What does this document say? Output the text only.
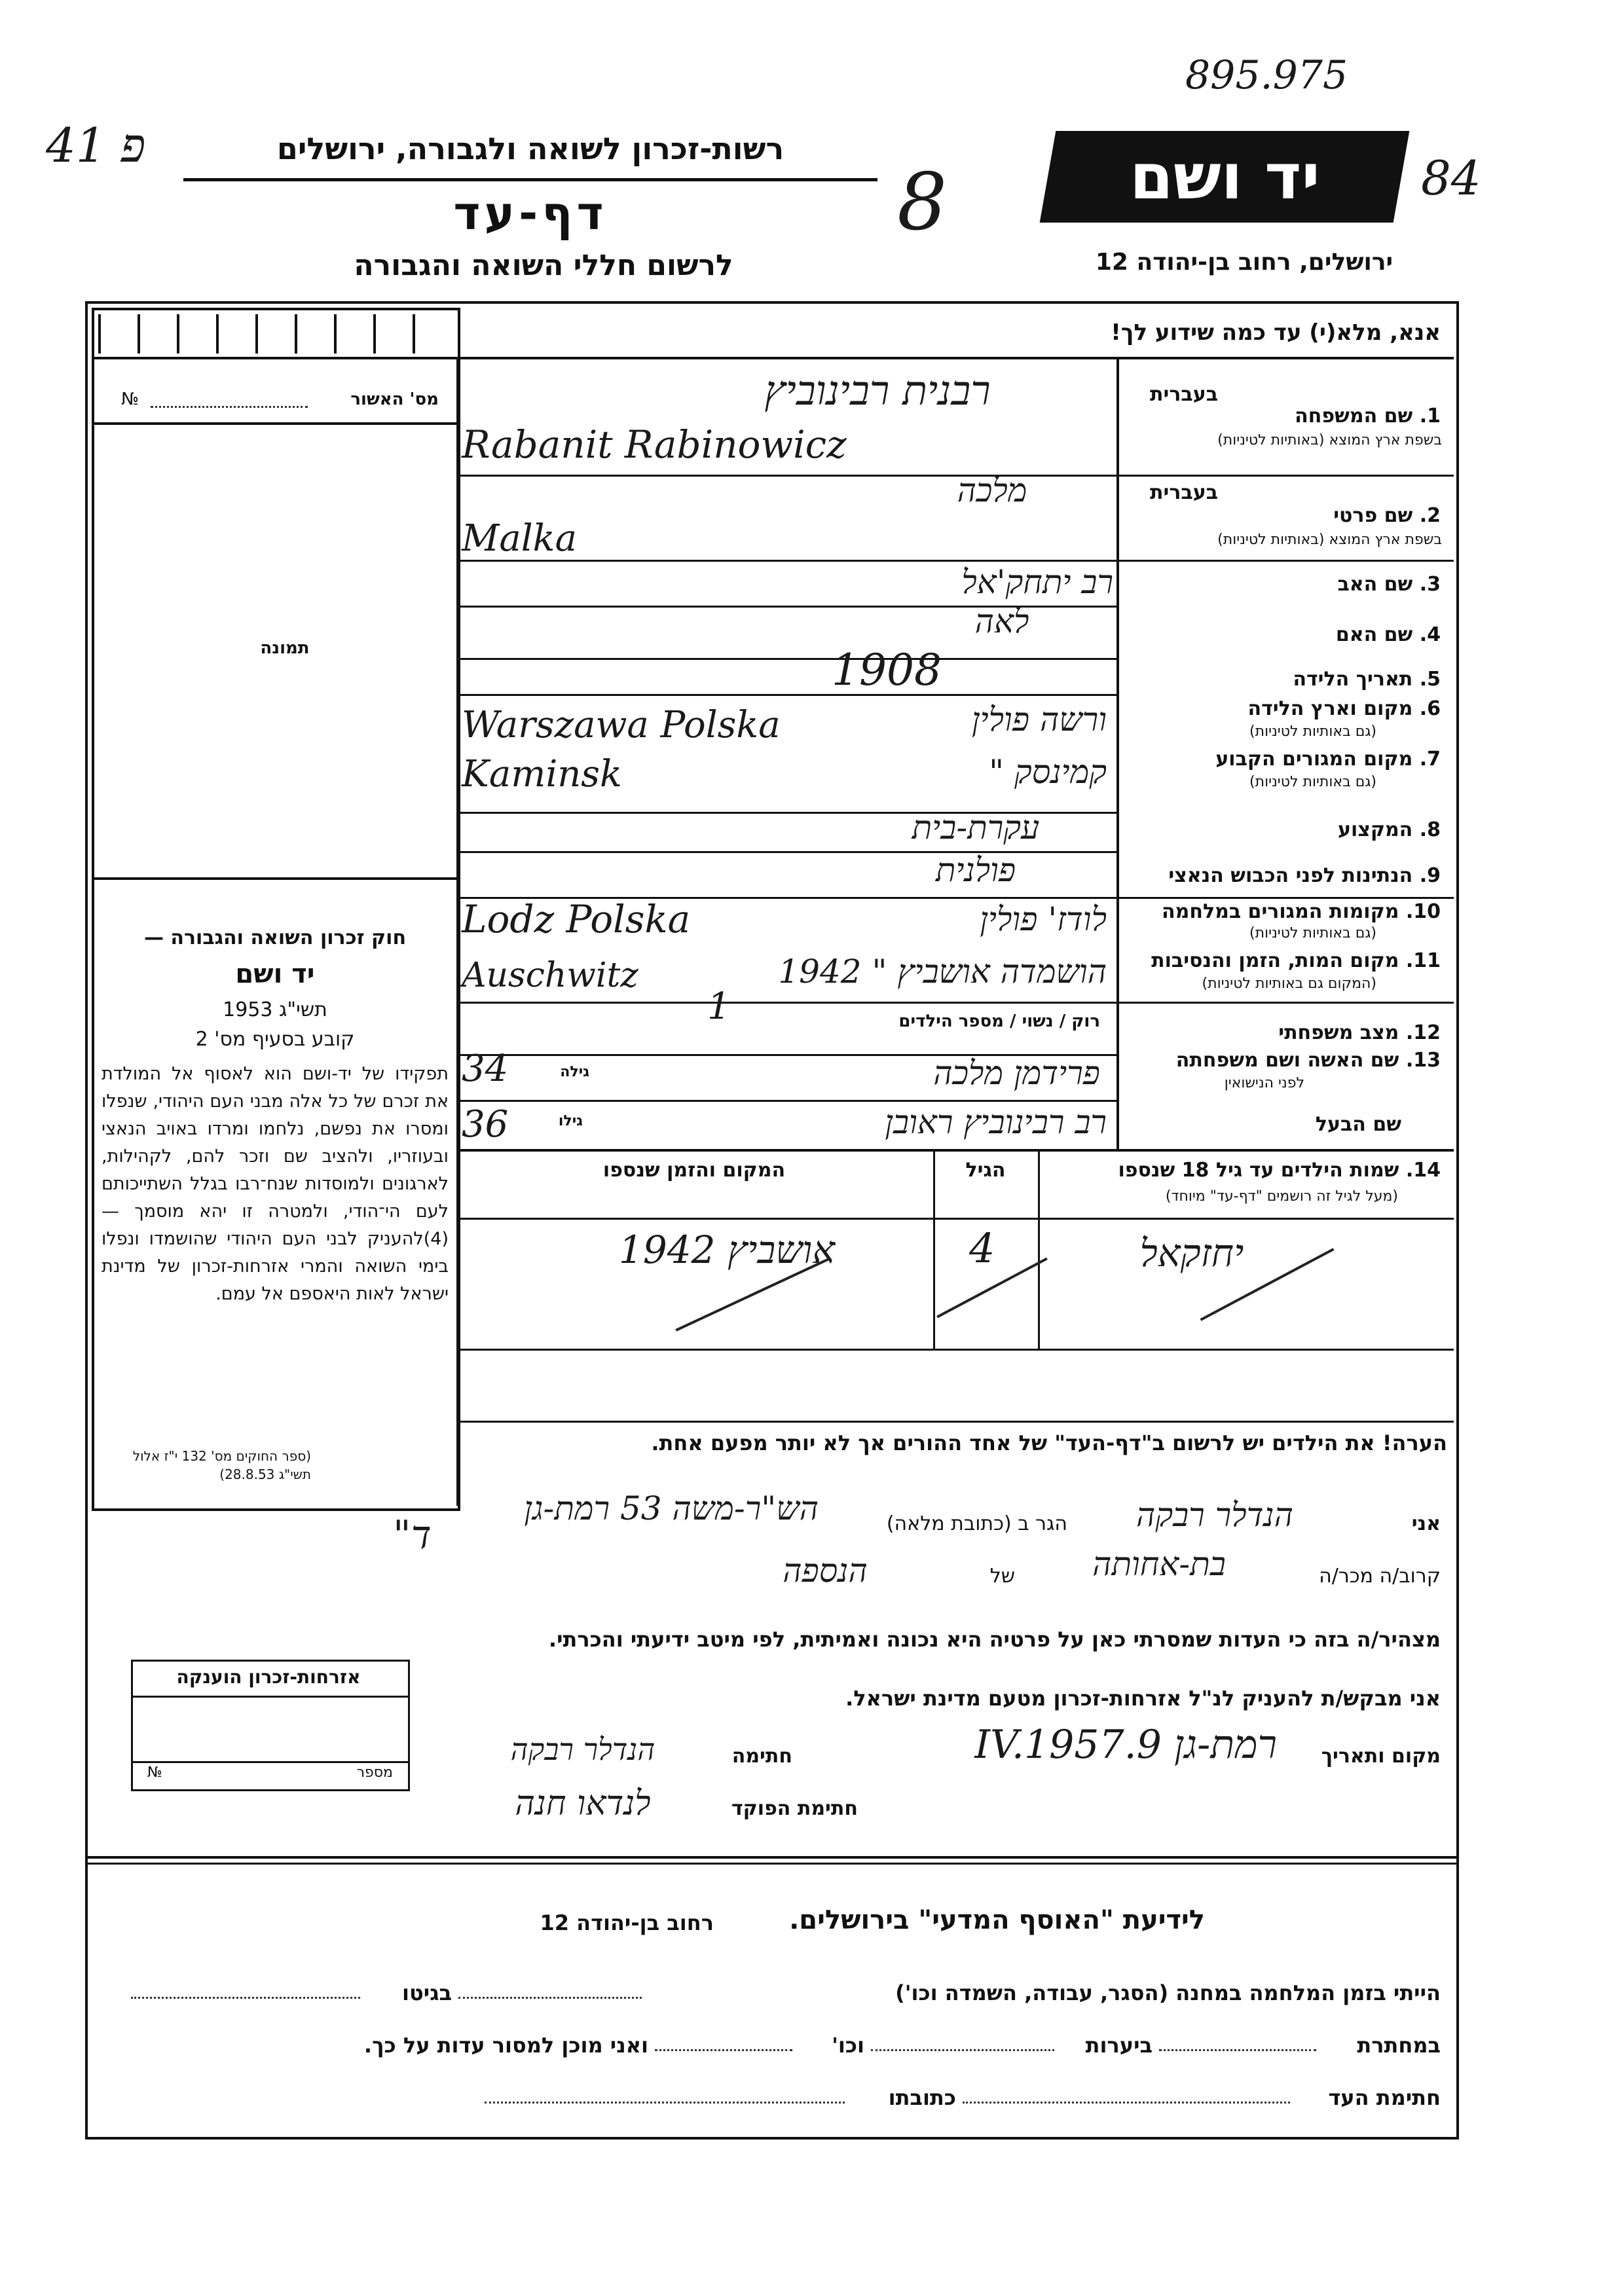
41 פ
895.975
84
8
רשות-זכרון לשואה ולגבורה, ירושלים
דף-עד
לרשום חללי השואה והגבורה
יד ושם
ירושלים, רחוב בן-יהודה 12
№	מס' האשור
תמונה
חוק זכרון השואה והגבורה —
יד ושם
תשי"ג 1953
קובע בסעיף מס' 2
תפקידו של יד-ושם הוא לאסוף אל המולדת את זכרם של כל אלה מבני העם היהודי, שנפלו ומסרו את נפשם, נלחמו ומרדו באויב הנאצי ובעוזריו, ולהציב שם וזכר להם, לקהילות, לארגונים ולמוסדות שנח־רבו בגלל השתייכותם לעם הי־הודי, ולמטרה זו יהא מוסמך — (4)להעניק לבני העם היהודי שהושמדו ונפלו בימי השואה והמרי אזרחות-זכרון של מדינת ישראל לאות היאספם אל עמם.
(ספר החוקים מס' 132 י"ז אלול תשי"ג 28.8.53)
אזרחות-זכרון הוענקה
№	מספר
אנא, מלא(י) עד כמה שידוע לך!
בעברית
1. שם המשפחה
בשפת ארץ המוצא (באותיות לטיניות)
בעברית
2. שם פרטי
בשפת ארץ המוצא (באותיות לטיניות)
3. שם האב
4. שם האם
5. תאריך הלידה
6. מקום וארץ הלידה
(גם באותיות לטיניות)
7. מקום המגורים הקבוע
(גם באותיות לטיניות)
8. המקצוע
9. הנתינות לפני הכבוש הנאצי
10. מקומות המגורים במלחמה
(גם באותיות לטיניות)
11. מקום המות, הזמן והנסיבות
(המקום גם באותיות לטיניות)
12. מצב משפחתי
רוק / נשוי / מספר הילדים
13. שם האשה ושם משפחתה
לפני הנישואין
גילה
שם הבעל
גילו
רבנית רבינוביץ
Rabanit Rabinowicz
מלכה
Malka
רב יתחק'אל
לאה
1908
ורשה פולין
Warszawa Polska
קמינסק "
Kaminsk
עקרת-בית
פולנית
לודז' פולין
Lodz Polska
הושמדה אושביץ " 1942
Auschwitz
1
פרידמן מלכה
34
רב רבינוביץ ראובן
36
14. שמות הילדים עד גיל 18 שנספו
(מעל לגיל זה רושמים "דף-עד" מיוחד)
הגיל
המקום והזמן שנספו
יחזקאל
4
אושביץ 1942
הערה! את הילדים יש לרשום ב"דף-העד" של אחד ההורים אך לא יותר מפעם אחת.
אני
הנדלר רבקה
הגר ב (כתובת מלאה)
הש"ר-משה 53 רמת-גן
"ד
קרוב/ה מכר/ה
בת-אחותה
של
הנספה
מצהיר/ה בזה כי העדות שמסרתי כאן על פרטיה היא נכונה ואמיתית, לפי מיטב ידיעתי והכרתי.
אני מבקש/ת להעניק לנ"ל אזרחות-זכרון מטעם מדינת ישראל.
מקום ותאריך
רמת-גן 9.IV.1957
חתימה
הנדלר רבקה
חתימת הפוקד
לנדאו חנה
לידיעת "האוסף המדעי" בירושלים.
רחוב בן-יהודה 12
הייתי בזמן המלחמה במחנה (הסגר, עבודה, השמדה וכו')
בגיטו
במחתרת
ביערות
וכו'
ואני מוכן למסור עדות על כך.
חתימת העד
כתובתו
